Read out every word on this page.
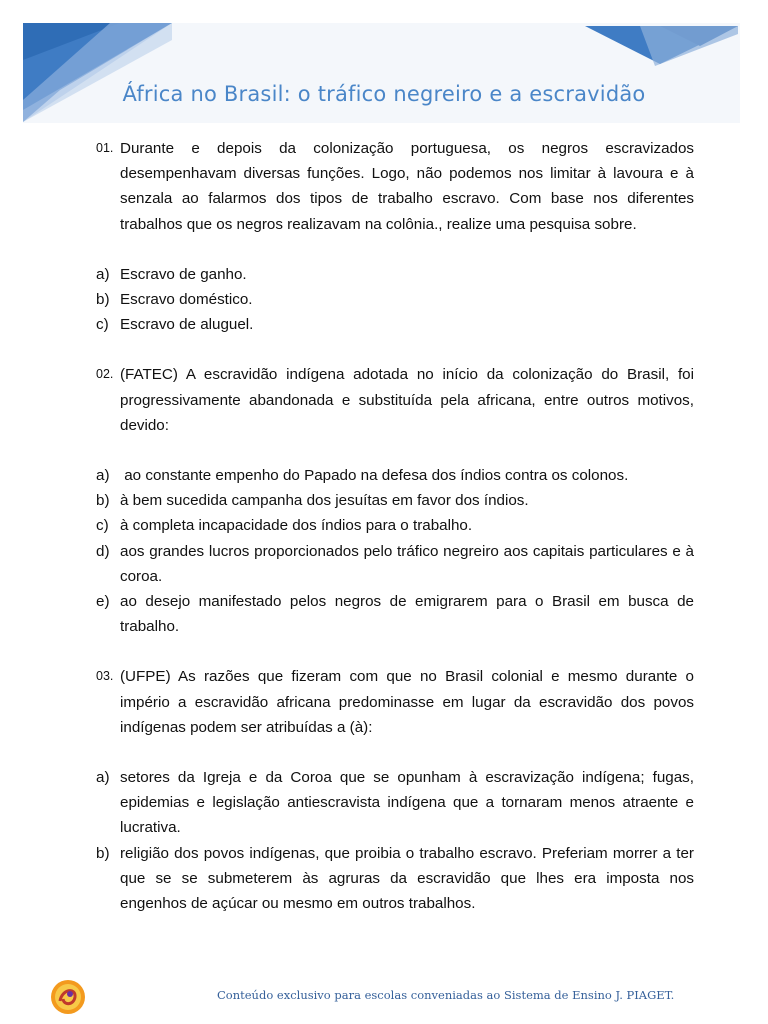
África no Brasil: o tráfico negreiro e a escravidão
01. Durante e depois da colonização portuguesa, os negros escravizados desempenhavam diversas funções. Logo, não podemos nos limitar à lavoura e à senzala ao falarmos dos tipos de trabalho escravo. Com base nos diferentes trabalhos que os negros realizavam na colônia., realize uma pesquisa sobre.
a) Escravo de ganho.
b) Escravo doméstico.
c) Escravo de aluguel.
02. (FATEC) A escravidão indígena adotada no início da colonização do Brasil, foi progressivamente abandonada e substituída pela africana, entre outros motivos, devido:
a) ao constante empenho do Papado na defesa dos índios contra os colonos.
b) à bem sucedida campanha dos jesuítas em favor dos índios.
c) à completa incapacidade dos índios para o trabalho.
d) aos grandes lucros proporcionados pelo tráfico negreiro aos capitais particulares e à coroa.
e) ao desejo manifestado pelos negros de emigrarem para o Brasil em busca de trabalho.
03. (UFPE) As razões que fizeram com que no Brasil colonial e mesmo durante o império a escravidão africana predominasse em lugar da escravidão dos povos indígenas podem ser atribuídas a (à):
a) setores da Igreja e da Coroa que se opunham à escravização indígena; fugas, epidemias e legislação antiescravista indígena que a tornaram menos atraente e lucrativa.
b) religião dos povos indígenas, que proibia o trabalho escravo. Preferiam morrer a ter que se se submeterem às agruras da escravidão que lhes era imposta nos engenhos de açúcar ou mesmo em outros trabalhos.
Conteúdo exclusivo para escolas conveniadas ao Sistema de Ensino J. PIAGET.
